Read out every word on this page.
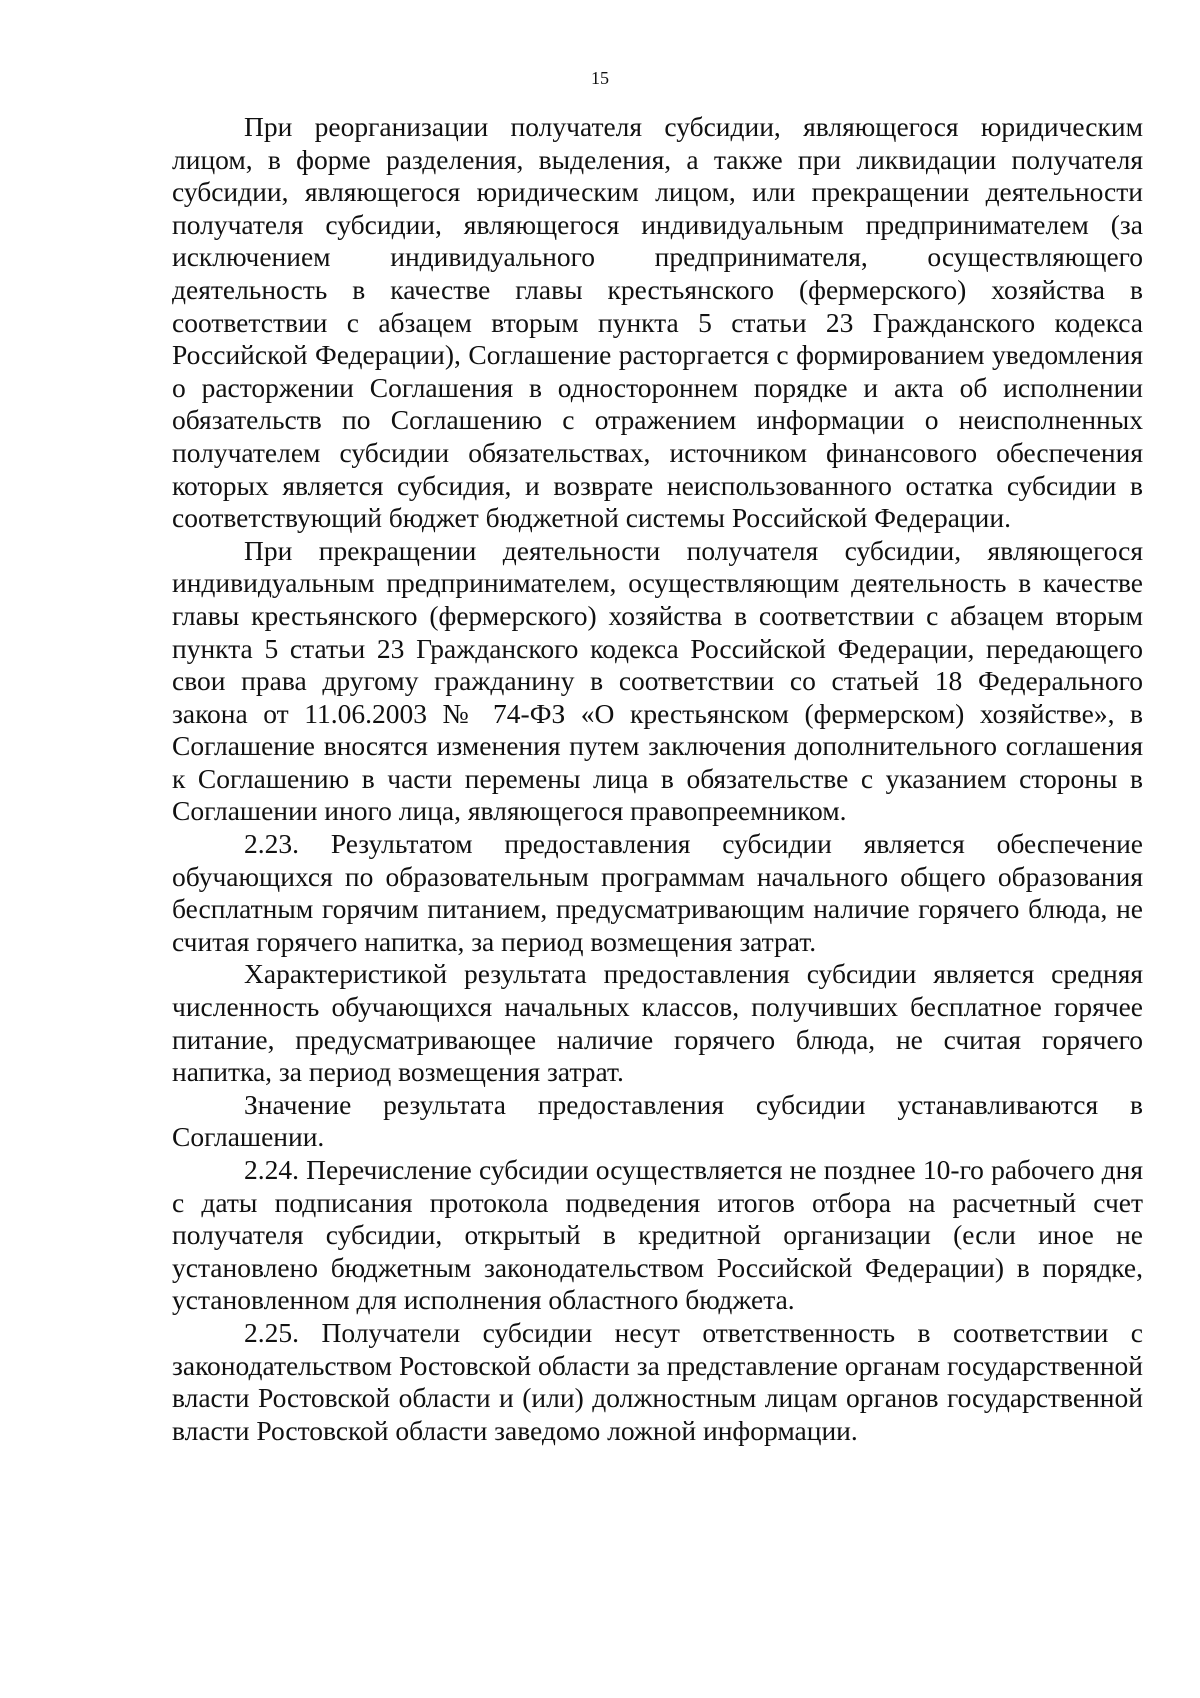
15

При реорганизации получателя субсидии, являющегося юридическим лицом, в форме разделения, выделения, а также при ликвидации получателя субсидии, являющегося юридическим лицом, или прекращении деятельности получателя субсидии, являющегося индивидуальным предпринимателем (за исключением индивидуального предпринимателя, осуществляющего деятельность в качестве главы крестьянского (фермерского) хозяйства в соответствии с абзацем вторым пункта 5 статьи 23 Гражданского кодекса Российской Федерации), Соглашение расторгается с формированием уведомления о расторжении Соглашения в одностороннем порядке и акта об исполнении обязательств по Соглашению с отражением информации о неисполненных получателем субсидии обязательствах, источником финансового обеспечения которых является субсидия, и возврате неиспользованного остатка субсидии в соответствующий бюджет бюджетной системы Российской Федерации.

При прекращении деятельности получателя субсидии, являющегося индивидуальным предпринимателем, осуществляющим деятельность в качестве главы крестьянского (фермерского) хозяйства в соответствии с абзацем вторым пункта 5 статьи 23 Гражданского кодекса Российской Федерации, передающего свои права другому гражданину в соответствии со статьей 18 Федерального закона от 11.06.2003 № 74-ФЗ «О крестьянском (фермерском) хозяйстве», в Соглашение вносятся изменения путем заключения дополнительного соглашения к Соглашению в части перемены лица в обязательстве с указанием стороны в Соглашении иного лица, являющегося правопреемником.

2.23. Результатом предоставления субсидии является обеспечение обучающихся по образовательным программам начального общего образования бесплатным горячим питанием, предусматривающим наличие горячего блюда, не считая горячего напитка, за период возмещения затрат.

Характеристикой результата предоставления субсидии является средняя численность обучающихся начальных классов, получивших бесплатное горячее питание, предусматривающее наличие горячего блюда, не считая горячего напитка, за период возмещения затрат.

Значение результата предоставления субсидии устанавливаются в Соглашении.

2.24. Перечисление субсидии осуществляется не позднее 10-го рабочего дня с даты подписания протокола подведения итогов отбора на расчетный счет получателя субсидии, открытый в кредитной организации (если иное не установлено бюджетным законодательством Российской Федерации) в порядке, установленном для исполнения областного бюджета.

2.25. Получатели субсидии несут ответственность в соответствии с законодательством Ростовской области за представление органам государственной власти Ростовской области и (или) должностным лицам органов государственной власти Ростовской области заведомо ложной информации.
